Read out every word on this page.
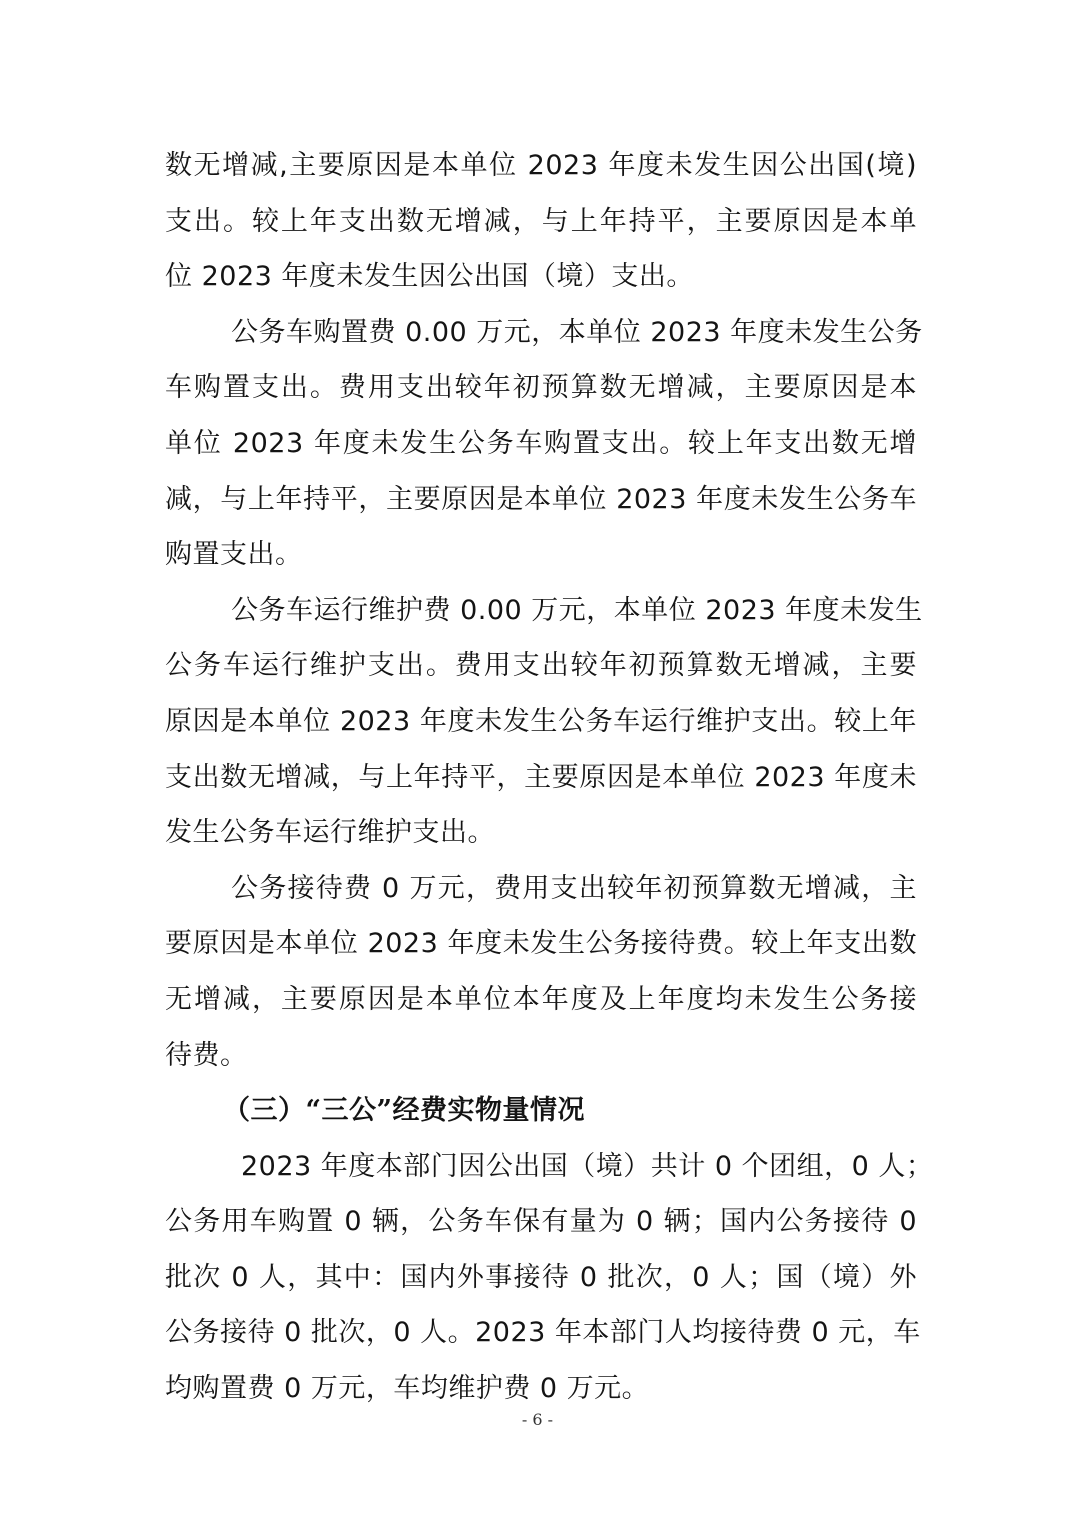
数无增减,主要原因是本单位 2023 年度未发生因公出国(境)
支出。较上年支出数无增减，与上年持平，主要原因是本单
位 2023 年度未发生因公出国（境）支出。
公务车购置费 0.00 万元，本单位 2023 年度未发生公务
车购置支出。费用支出较年初预算数无增减，主要原因是本
单位 2023 年度未发生公务车购置支出。较上年支出数无增
减，与上年持平，主要原因是本单位 2023 年度未发生公务车
购置支出。
公务车运行维护费 0.00 万元，本单位 2023 年度未发生
公务车运行维护支出。费用支出较年初预算数无增减，主要
原因是本单位 2023 年度未发生公务车运行维护支出。较上年
支出数无增减，与上年持平，主要原因是本单位 2023 年度未
发生公务车运行维护支出。
公务接待费 0 万元，费用支出较年初预算数无增减，主
要原因是本单位 2023 年度未发生公务接待费。较上年支出数
无增减，主要原因是本单位本年度及上年度均未发生公务接
待费。
（三）“三公”经费实物量情况
2023 年度本部门因公出国（境）共计 0 个团组，0 人；
公务用车购置 0 辆，公务车保有量为 0 辆；国内公务接待 0
批次 0 人，其中：国内外事接待 0 批次，0 人；国（境）外
公务接待 0 批次，0 人。2023 年本部门人均接待费 0 元，车
均购置费 0 万元，车均维护费 0 万元。
- 6 -
